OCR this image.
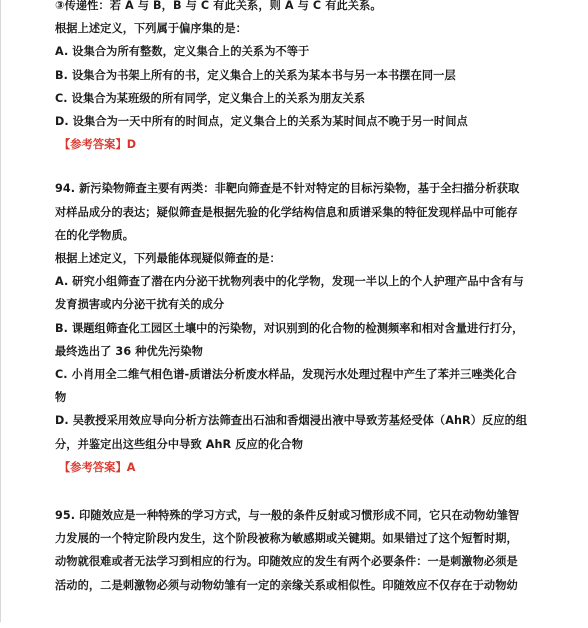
③传递性：若 A 与 B，B 与 C 有此关系，则 A 与 C 有此关系。
根据上述定义，下列属于偏序集的是：
A. 设集合为所有整数，定义集合上的关系为不等于
B. 设集合为书架上所有的书，定义集合上的关系为某本书与另一本书摆在同一层
C. 设集合为某班级的所有同学，定义集合上的关系为朋友关系
D. 设集合为一天中所有的时间点，定义集合上的关系为某时间点不晚于另一时间点
【参考答案】D
94. 新污染物筛查主要有两类：非靶向筛查是不针对特定的目标污染物，基于全扫描分析获取
对样品成分的表达；疑似筛查是根据先验的化学结构信息和质谱采集的特征发现样品中可能存
在的化学物质。
根据上述定义，下列最能体现疑似筛查的是：
A. 研究小组筛查了潜在内分泌干扰物列表中的化学物，发现一半以上的个人护理产品中含有与
发育损害或内分泌干扰有关的成分
B. 课题组筛查化工园区土壤中的污染物，对识别到的化合物的检测频率和相对含量进行打分，
最终选出了 36 种优先污染物
C. 小肖用全二维气相色谱-质谱法分析废水样品，发现污水处理过程中产生了苯并三唑类化合
物
D. 吴教授采用效应导向分析方法筛查出石油和香烟浸出液中导致芳基烃受体（AhR）反应的组
分，并鉴定出这些组分中导致 AhR 反应的化合物
【参考答案】A
95. 印随效应是一种特殊的学习方式，与一般的条件反射或习惯形成不同，它只在动物幼雏智
力发展的一个特定阶段内发生，这个阶段被称为敏感期或关键期。如果错过了这个短暂时期，
动物就很难或者无法学习到相应的行为。印随效应的发生有两个必要条件：一是刺激物必须是
活动的，二是刺激物必须与动物幼雏有一定的亲缘关系或相似性。印随效应不仅存在于动物幼
